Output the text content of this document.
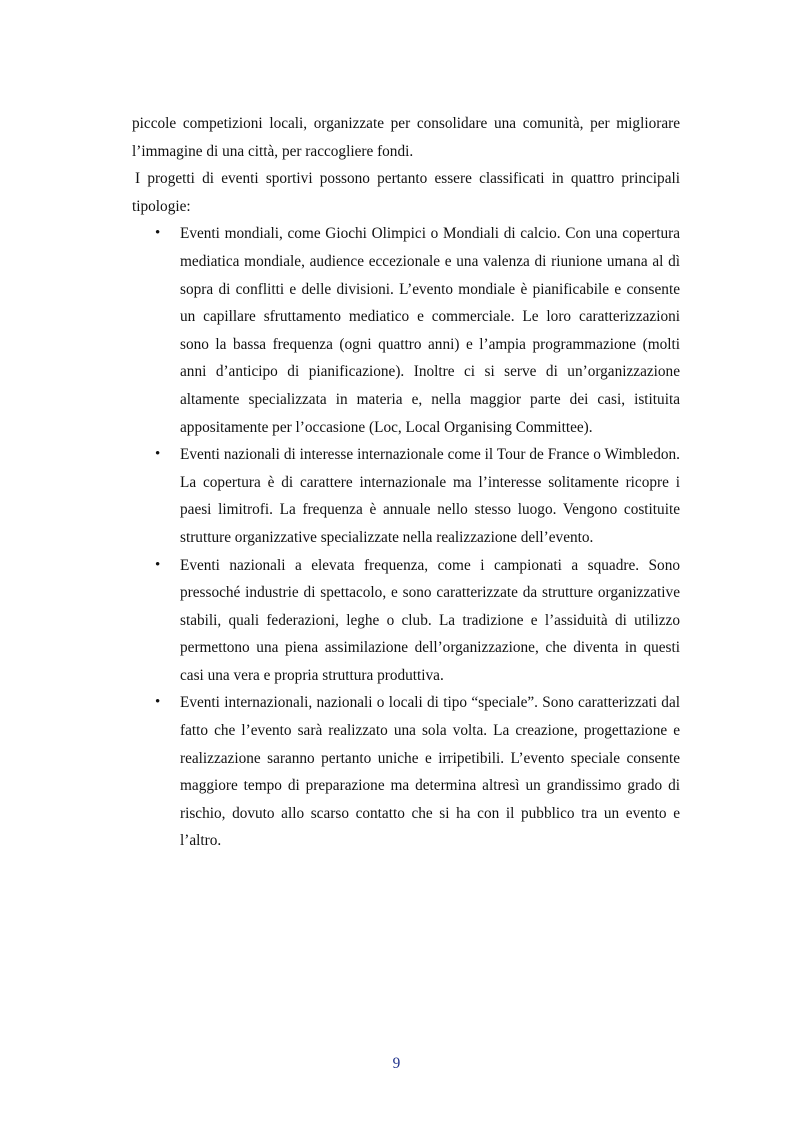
piccole competizioni locali, organizzate per consolidare una comunità, per migliorare l’immagine di una città, per raccogliere fondi.

I progetti di eventi sportivi possono pertanto essere classificati in quattro principali tipologie:

• Eventi mondiali, come Giochi Olimpici o Mondiali di calcio. Con una copertura mediatica mondiale, audience eccezionale e una valenza di riunione umana al dì sopra di conflitti e delle divisioni. L’evento mondiale è pianificabile e consente un capillare sfruttamento mediatico e commerciale. Le loro caratterizzazioni sono la bassa frequenza (ogni quattro anni) e l’ampia programmazione (molti anni d’anticipo di pianificazione). Inoltre ci si serve di un’organizzazione altamente specializzata in materia e, nella maggior parte dei casi, istituita appositamente per l’occasione (Loc, Local Organising Committee).
• Eventi nazionali di interesse internazionale come il Tour de France o Wimbledon. La copertura è di carattere internazionale ma l’interesse solitamente ricopre i paesi limitrofi. La frequenza è annuale nello stesso luogo. Vengono costituite strutture organizzative specializzate nella realizzazione dell’evento.
• Eventi nazionali a elevata frequenza, come i campionati a squadre. Sono pressoché industrie di spettacolo, e sono caratterizzate da strutture organizzative stabili, quali federazioni, leghe o club. La tradizione e l’assiduità di utilizzo permettono una piena assimilazione dell’organizzazione, che diventa in questi casi una vera e propria struttura produttiva.
• Eventi internazionali, nazionali o locali di tipo “speciale”. Sono caratterizzati dal fatto che l’evento sarà realizzato una sola volta. La creazione, progettazione e realizzazione saranno pertanto uniche e irripetibili. L’evento speciale consente maggiore tempo di preparazione ma determina altresì un grandissimo grado di rischio, dovuto allo scarso contatto che si ha con il pubblico tra un evento e l’altro.
9
